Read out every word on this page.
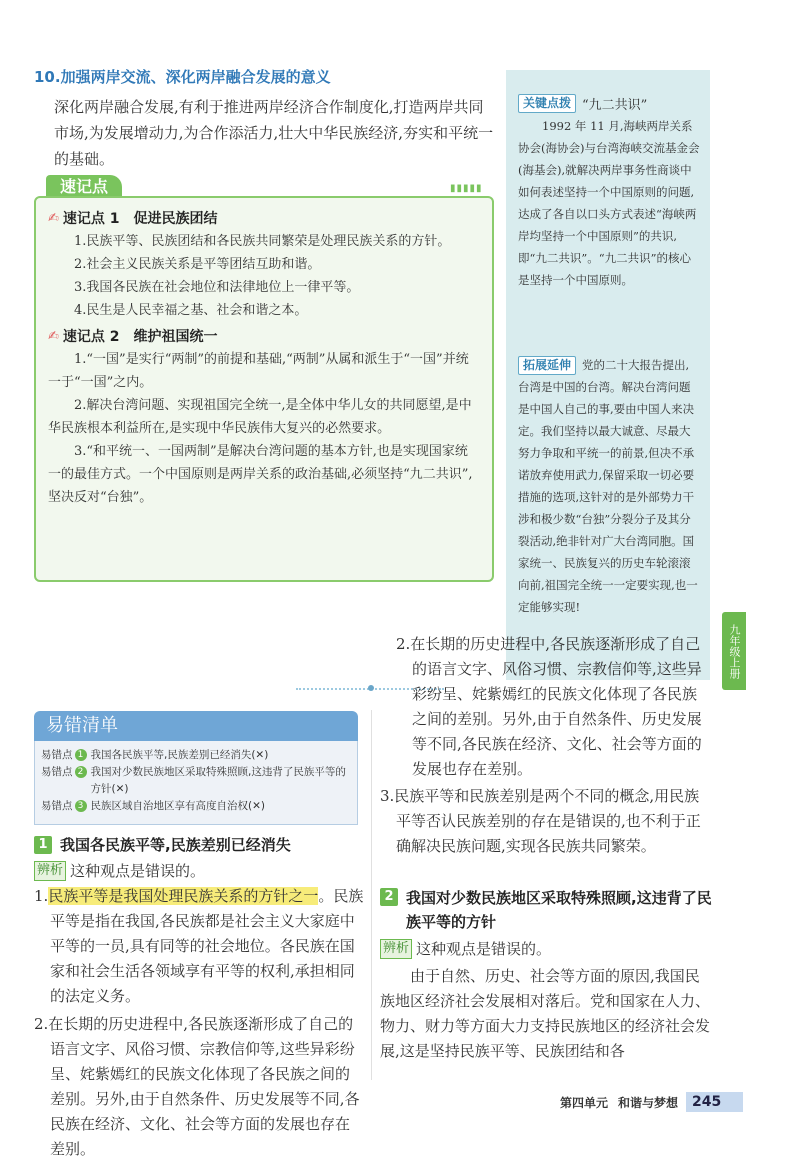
10.加强两岸交流、深化两岸融合发展的意义
深化两岸融合发展,有利于推进两岸经济合作制度化,打造两岸共同市场,为发展增动力,为合作添活力,壮大中华民族经济,夯实和平统一的基础。
速记点	▮▮▮▮▮
✍ 速记点 1 促进民族团结
1.民族平等、民族团结和各民族共同繁荣是处理民族关系的方针。
2.社会主义民族关系是平等团结互助和谐。
3.我国各民族在社会地位和法律地位上一律平等。
4.民生是人民幸福之基、社会和谐之本。
✍ 速记点 2 维护祖国统一
1.“一国”是实行“两制”的前提和基础,“两制”从属和派生于“一国”并统一于“一国”之内。
2.解决台湾问题、实现祖国完全统一,是全体中华儿女的共同愿望,是中华民族根本利益所在,是实现中华民族伟大复兴的必然要求。
3.“和平统一、一国两制”是解决台湾问题的基本方针,也是实现国家统一的最佳方式。一个中国原则是两岸关系的政治基础,必须坚持“九二共识”,坚决反对“台独”。
关键点拨 “九二共识”
1992 年 11 月,海峡两岸关系协会(海协会)与台湾海峡交流基金会(海基会),就解决两岸事务性商谈中如何表述坚持一个中国原则的问题,达成了各自以口头方式表述“海峡两岸均坚持一个中国原则”的共识,即“九二共识”。“九二共识”的核心是坚持一个中国原则。
拓展延伸 党的二十大报告提出,台湾是中国的台湾。解决台湾问题是中国人自己的事,要由中国人来决定。我们坚持以最大诚意、尽最大努力争取和平统一的前景,但决不承诺放弃使用武力,保留采取一切必要措施的选项,这针对的是外部势力干涉和极少数“台独”分裂分子及其分裂活动,绝非针对广大台湾同胞。国家统一、民族复兴的历史车轮滚滚向前,祖国完全统一一定要实现,也一定能够实现!
九年级上册
易错清单
易错点 1 我国各民族平等,民族差别已经消失(✕)
易错点 2 我国对少数民族地区采取特殊照顾,这违背了民族平等的方针(✕)
易错点 3 民族区域自治地区享有高度自治权(✕)
1 我国各民族平等,民族差别已经消失
辨析 这种观点是错误的。
1.民族平等是我国处理民族关系的方针之一。民族平等是指在我国,各民族都是社会主义大家庭中平等的一员,具有同等的社会地位。各民族在国家和社会生活各领域享有平等的权利,承担相同的法定义务。
2.在长期的历史进程中,各民族逐渐形成了自己的语言文字、风俗习惯、宗教信仰等,这些异彩纷呈、姹紫嫣红的民族文化体现了各民族之间的差别。另外,由于自然条件、历史发展等不同,各民族在经济、文化、社会等方面的发展也存在差别。
2.在长期的历史进程中,各民族逐渐形成了自己的语言文字、风俗习惯、宗教信仰等,这些异彩纷呈、姹紫嫣红的民族文化体现了各民族之间的差别。另外,由于自然条件、历史发展等不同,各民族在经济、文化、社会等方面的发展也存在差别。
3.民族平等和民族差别是两个不同的概念,用民族平等否认民族差别的存在是错误的,也不利于正确解决民族问题,实现各民族共同繁荣。
2 我国对少数民族地区采取特殊照顾,这违背了民族平等的方针
辨析 这种观点是错误的。
由于自然、历史、社会等方面的原因,我国民族地区经济社会发展相对落后。党和国家在人力、物力、财力等方面大力支持民族地区的经济社会发展,这是坚持民族平等、民族团结和各
第四单元 和谐与梦想	245
